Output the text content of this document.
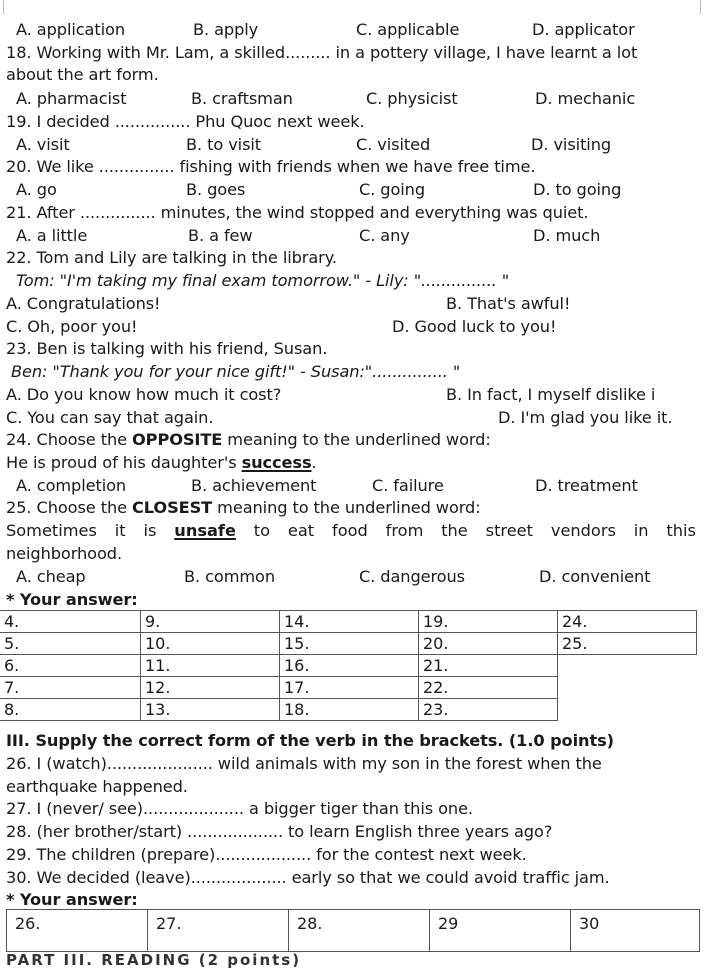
A. application	B. apply	C. applicable	D. applicator
18. Working with Mr. Lam, a skilled......... in a pottery village, I have learnt a lot
about the art form.
A. pharmacist	B. craftsman	C. physicist	D. mechanic
19. I decided ............... Phu Quoc next week.
A. visit	B. to visit	C. visited	D. visiting
20. We like ............... fishing with friends when we have free time.
A. go	B. goes	C. going	D. to going
21. After ............... minutes, the wind stopped and everything was quiet.
A. a little	B. a few	C. any	D. much
22. Tom and Lily are talking in the library.
Tom: "I'm taking my final exam tomorrow." - Lily: "............... "
A. Congratulations!	B. That's awful!
C. Oh, poor you!	D. Good luck to you!
23. Ben is talking with his friend, Susan.
Ben: "Thank you for your nice gift!" - Susan:"............... "
A. Do you know how much it cost?	B. In fact, I myself dislike i
C. You can say that again.	D. I'm glad you like it.
24. Choose the OPPOSITE meaning to the underlined word:
He is proud of his daughter's success.
A. completion	B. achievement	C. failure	D. treatment
25. Choose the CLOSEST meaning to the underlined word:
Sometimes it is unsafe to eat food from the street vendors in this
neighborhood.
A. cheap	B. common	C. dangerous	D. convenient
* Your answer:
4.	9.	14.	19.	24.
5.	10.	15.	20.	25.
6.	11.	16.	21.	
7.	12.	17.	22.	
8.	13.	18.	23.	
III. Supply the correct form of the verb in the brackets. (1.0 points)
26. I (watch)..................... wild animals with my son in the forest when the
earthquake happened.
27. I (never/ see).................... a bigger tiger than this one.
28. (her brother/start) ................... to learn English three years ago?
29. The children (prepare)................... for the contest next week.
30. We decided (leave)................... early so that we could avoid traffic jam.
* Your answer:
26.	27.	28.	29	30
PART III. READING (2 points)
